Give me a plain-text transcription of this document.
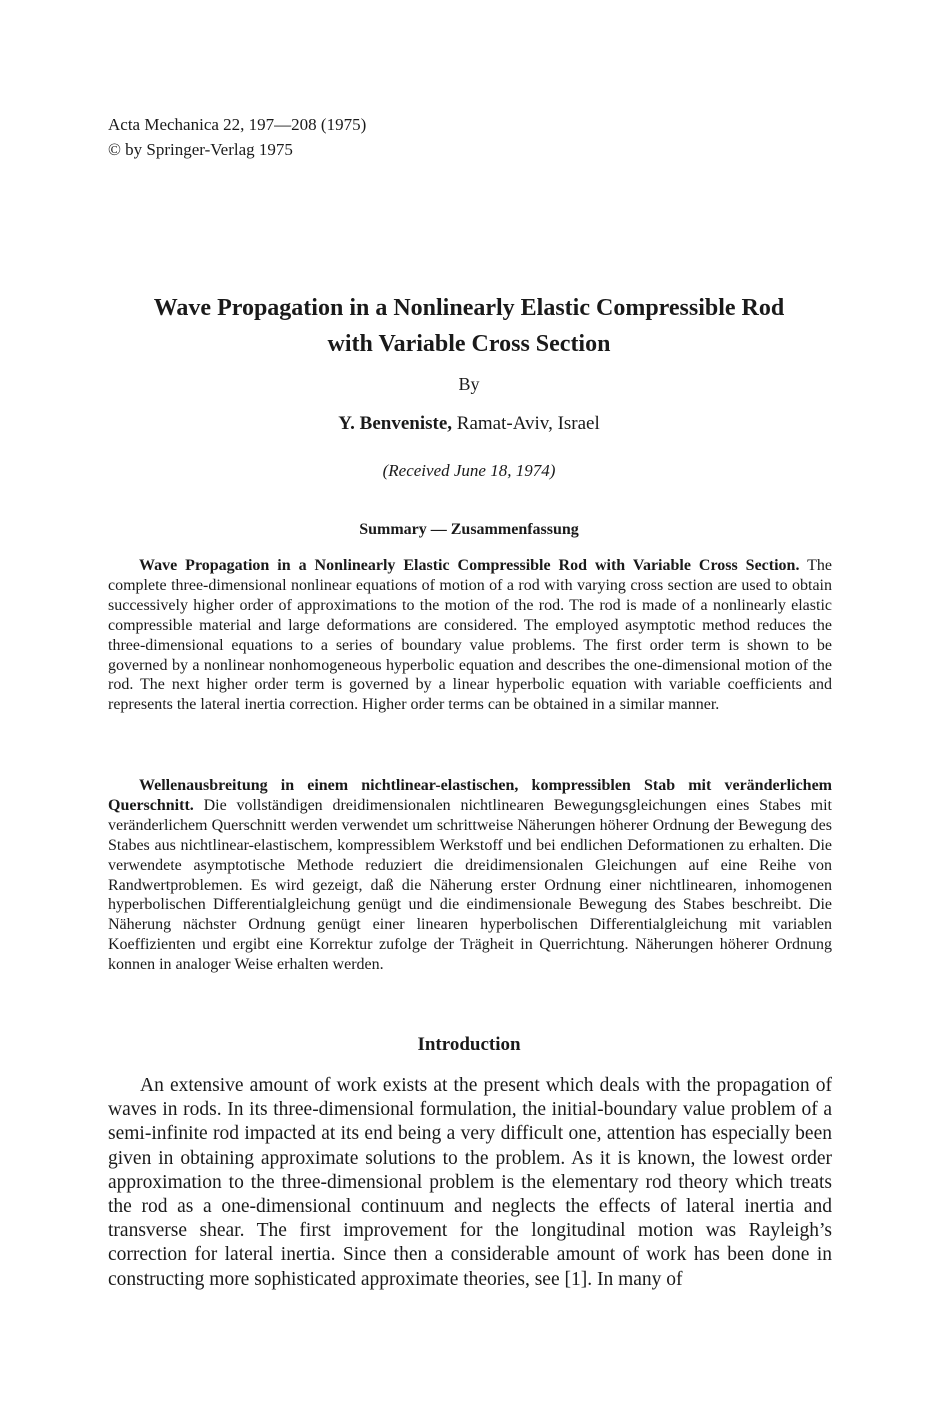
Acta Mechanica 22, 197—208 (1975)
© by Springer-Verlag 1975
Wave Propagation in a Nonlinearly Elastic Compressible Rod
with Variable Cross Section
By
Y. Benveniste, Ramat-Aviv, Israel
(Received June 18, 1974)
Summary — Zusammenfassung

Wave Propagation in a Nonlinearly Elastic Compressible Rod with Variable Cross Section. The complete three-dimensional nonlinear equations of motion of a rod with varying cross section are used to obtain successively higher order of approximations to the motion of the rod. The rod is made of a nonlinearly elastic compressible material and large deformations are considered. The employed asymptotic method reduces the three-dimensional equations to a series of boundary value problems. The first order term is shown to be governed by a nonlinear nonhomogeneous hyperbolic equation and describes the one-dimensional motion of the rod. The next higher order term is governed by a linear hyperbolic equation with variable coefficients and represents the lateral inertia correction. Higher order terms can be obtained in a similar manner.

Wellenausbreitung in einem nichtlinear-elastischen, kompressiblen Stab mit veränderlichem Querschnitt. Die vollständigen dreidimensionalen nichtlinearen Bewegungsgleichungen eines Stabes mit veränderlichem Querschnitt werden verwendet um schrittweise Näherungen höherer Ordnung der Bewegung des Stabes aus nichtlinear-elastischem, kompressiblem Werkstoff und bei endlichen Deformationen zu erhalten. Die verwendete asymptotische Methode reduziert die dreidimensionalen Gleichungen auf eine Reihe von Randwertproblemen. Es wird gezeigt, daß die Näherung erster Ordnung einer nichtlinearen, inhomogenen hyperbolischen Differentialgleichung genügt und die eindimensionale Bewegung des Stabes beschreibt. Die Näherung nächster Ordnung genügt einer linearen hyperbolischen Differentialgleichung mit variablen Koeffizienten und ergibt eine Korrektur zufolge der Trägheit in Querrichtung. Näherungen höherer Ordnung konnen in analoger Weise erhalten werden.

Introduction

An extensive amount of work exists at the present which deals with the propagation of waves in rods. In its three-dimensional formulation, the initial-boundary value problem of a semi-infinite rod impacted at its end being a very difficult one, attention has especially been given in obtaining approximate solutions to the problem. As it is known, the lowest order approximation to the three-dimensional problem is the elementary rod theory which treats the rod as a one-dimensional continuum and neglects the effects of lateral inertia and transverse shear. The first improvement for the longitudinal motion was Rayleigh’s correction for lateral inertia. Since then a considerable amount of work has been done in constructing more sophisticated approximate theories, see [1]. In many of
